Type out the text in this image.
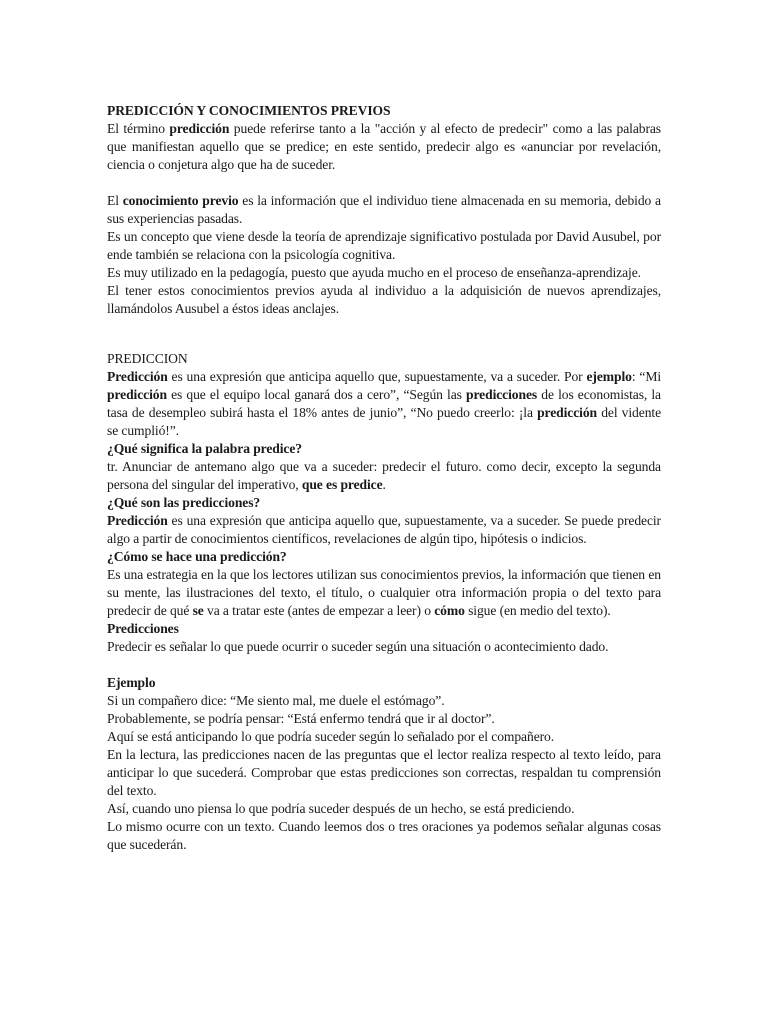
PREDICCIÓN Y CONOCIMIENTOS PREVIOS

El término predicción puede referirse tanto a la "acción y al efecto de predecir" como a las palabras que manifiestan aquello que se predice; en este sentido, predecir algo es «anunciar por revelación, ciencia o conjetura algo que ha de suceder.

El conocimiento previo es la información que el individuo tiene almacenada en su memoria, debido a sus experiencias pasadas.

Es un concepto que viene desde la teoría de aprendizaje significativo postulada por David Ausubel, por ende también se relaciona con la psicología cognitiva.

Es muy utilizado en la pedagogía, puesto que ayuda mucho en el proceso de enseñanza-aprendizaje.

El tener estos conocimientos previos ayuda al individuo a la adquisición de nuevos aprendizajes, llamándolos Ausubel a éstos ideas anclajes.

PREDICCION

Predicción es una expresión que anticipa aquello que, supuestamente, va a suceder. Por ejemplo: “Mi predicción es que el equipo local ganará dos a cero”, “Según las predicciones de los economistas, la tasa de desempleo subirá hasta el 18% antes de junio”, “No puedo creerlo: ¡la predicción del vidente se cumplió!”.

¿Qué significa la palabra predice?

tr. Anunciar de antemano algo que va a suceder: predecir el futuro. como decir, excepto la segunda persona del singular del imperativo, que es predice.

¿Qué son las predicciones?

Predicción es una expresión que anticipa aquello que, supuestamente, va a suceder. Se puede predecir algo a partir de conocimientos científicos, revelaciones de algún tipo, hipótesis o indicios.

¿Cómo se hace una predicción?

Es una estrategia en la que los lectores utilizan sus conocimientos previos, la información que tienen en su mente, las ilustraciones del texto, el título, o cualquier otra información propia o del texto para predecir de qué se va a tratar este (antes de empezar a leer) o cómo sigue (en medio del texto).

Predicciones

Predecir es señalar lo que puede ocurrir o suceder según una situación o acontecimiento dado.

Ejemplo

Si un compañero dice: “Me siento mal, me duele el estómago”.

Probablemente, se podría pensar: “Está enfermo tendrá que ir al doctor”.

Aquí se está anticipando lo que podría suceder según lo señalado por el compañero.

En la lectura, las predicciones nacen de las preguntas que el lector realiza respecto al texto leído, para anticipar lo que sucederá. Comprobar que estas predicciones son correctas, respaldan tu comprensión del texto.

Así, cuando uno piensa lo que podría suceder después de un hecho, se está prediciendo.

Lo mismo ocurre con un texto. Cuando leemos dos o tres oraciones ya podemos señalar algunas cosas que sucederán.
